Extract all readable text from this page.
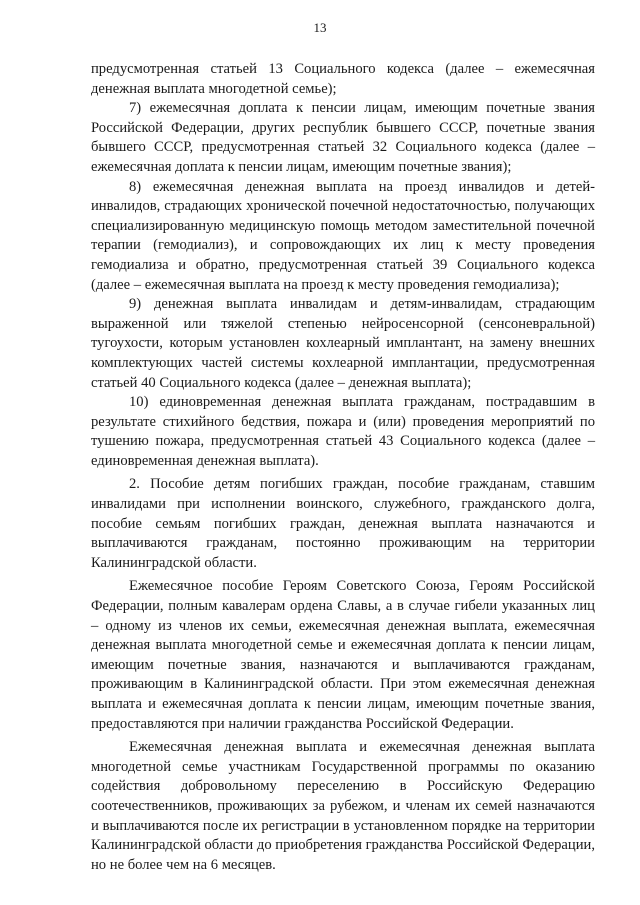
13

предусмотренная статьей 13 Социального кодекса (далее – ежемесячная денежная выплата многодетной семье);

7) ежемесячная доплата к пенсии лицам, имеющим почетные звания Российской Федерации, других республик бывшего СССР, почетные звания бывшего СССР, предусмотренная статьей 32 Социального кодекса (далее – ежемесячная доплата к пенсии лицам, имеющим почетные звания);

8) ежемесячная денежная выплата на проезд инвалидов и детей-инвалидов, страдающих хронической почечной недостаточностью, получающих специализированную медицинскую помощь методом заместительной почечной терапии (гемодиализ), и сопровождающих их лиц к месту проведения гемодиализа и обратно, предусмотренная статьей 39 Социального кодекса (далее – ежемесячная выплата на проезд к месту проведения гемодиализа);

9) денежная выплата инвалидам и детям-инвалидам, страдающим выраженной или тяжелой степенью нейросенсорной (сенсоневральной) тугоухости, которым установлен кохлеарный имплантант, на замену внешних комплектующих частей системы кохлеарной имплантации, предусмотренная статьей 40 Социального кодекса (далее – денежная выплата);

10) единовременная денежная выплата гражданам, пострадавшим в результате стихийного бедствия, пожара и (или) проведения мероприятий по тушению пожара, предусмотренная статьей 43 Социального кодекса (далее – единовременная денежная выплата).

2. Пособие детям погибших граждан, пособие гражданам, ставшим инвалидами при исполнении воинского, служебного, гражданского долга, пособие семьям погибших граждан, денежная выплата назначаются и выплачиваются гражданам, постоянно проживающим на территории Калининградской области.

Ежемесячное пособие Героям Советского Союза, Героям Российской Федерации, полным кавалерам ордена Славы, а в случае гибели указанных лиц – одному из членов их семьи, ежемесячная денежная выплата, ежемесячная денежная выплата многодетной семье и ежемесячная доплата к пенсии лицам, имеющим почетные звания, назначаются и выплачиваются гражданам, проживающим в Калининградской области. При этом ежемесячная денежная выплата и ежемесячная доплата к пенсии лицам, имеющим почетные звания, предоставляются при наличии гражданства Российской Федерации.

Ежемесячная денежная выплата и ежемесячная денежная выплата многодетной семье участникам Государственной программы по оказанию содействия добровольному переселению в Российскую Федерацию соотечественников, проживающих за рубежом, и членам их семей назначаются и выплачиваются после их регистрации в установленном порядке на территории Калининградской области до приобретения гражданства Российской Федерации, но не более чем на 6 месяцев.
